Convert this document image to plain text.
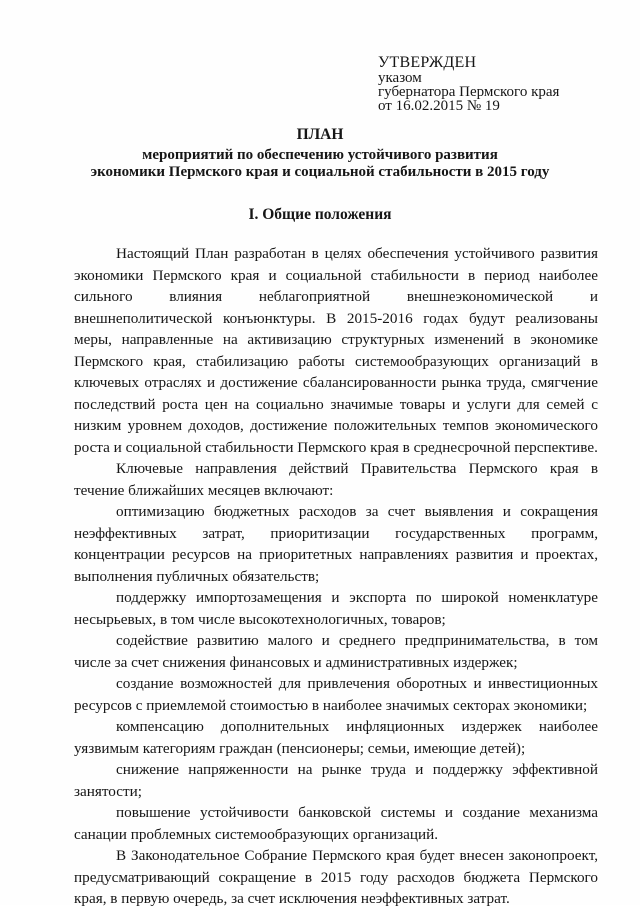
УТВЕРЖДЕН
указом
губернатора Пермского края
от 16.02.2015 № 19
ПЛАН
мероприятий по обеспечению устойчивого развития
экономики Пермского края и социальной стабильности в 2015 году
I. Общие положения

Настоящий План разработан в целях обеспечения устойчивого развития экономики Пермского края и социальной стабильности в период наиболее сильного влияния неблагоприятной внешнеэкономической и внешнеполитической конъюнктуры. В 2015-2016 годах будут реализованы меры, направленные на активизацию структурных изменений в экономике Пермского края, стабилизацию работы системообразующих организаций в ключевых отраслях и достижение сбалансированности рынка труда, смягчение последствий роста цен на социально значимые товары и услуги для семей с низким уровнем доходов, достижение положительных темпов экономического роста и социальной стабильности Пермского края в среднесрочной перспективе.

Ключевые направления действий Правительства Пермского края в течение ближайших месяцев включают:

оптимизацию бюджетных расходов за счет выявления и сокращения неэффективных затрат, приоритизации государственных программ, концентрации ресурсов на приоритетных направлениях развития и проектах, выполнения публичных обязательств;

поддержку импортозамещения и экспорта по широкой номенклатуре несырьевых, в том числе высокотехнологичных, товаров;

содействие развитию малого и среднего предпринимательства, в том числе за счет снижения финансовых и административных издержек;

создание возможностей для привлечения оборотных и инвестиционных ресурсов с приемлемой стоимостью в наиболее значимых секторах экономики;

компенсацию дополнительных инфляционных издержек наиболее уязвимым категориям граждан (пенсионеры; семьи, имеющие детей);

снижение напряженности на рынке труда и поддержку эффективной занятости;

повышение устойчивости банковской системы и создание механизма санации проблемных системообразующих организаций.

В Законодательное Собрание Пермского края будет внесен законопроект, предусматривающий сокращение в 2015 году расходов бюджета Пермского края, в первую очередь, за счет исключения неэффективных затрат.
